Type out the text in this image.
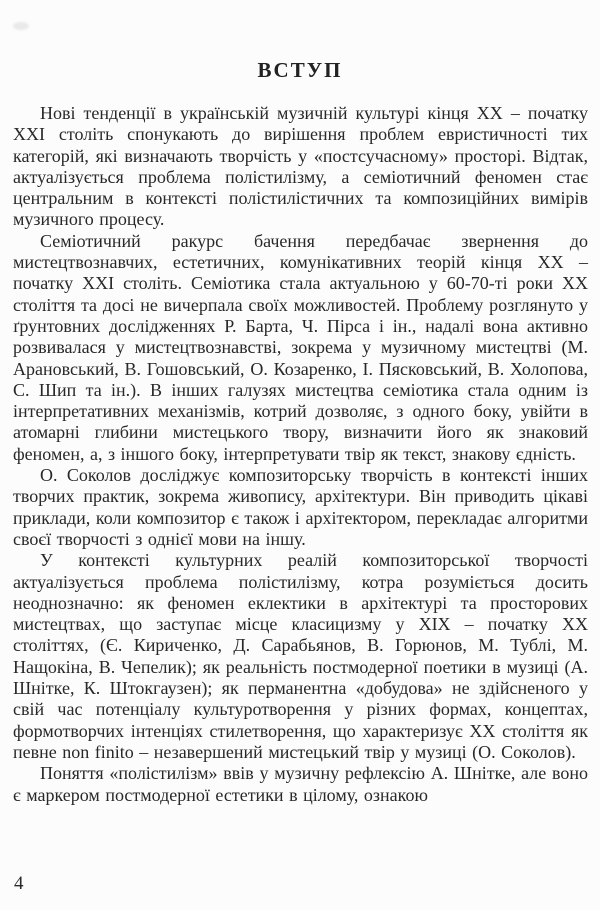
ВСТУП

Нові тенденції в українській музичній культурі кінця XX – початку XXI століть спонукають до вирішення проблем евристичності тих категорій, які визначають творчість у «постсучасному» просторі. Відтак, актуалізується проблема полістилізму, а семіотичний феномен стає центральним в контексті полістилістичних та композиційних вимірів музичного процесу.

Семіотичний ракурс бачення передбачає звернення до мистецтвознавчих, естетичних, комунікативних теорій кінця XX – початку XXI століть. Семіотика стала актуальною у 60-70-ті роки XX століття та досі не вичерпала своїх можливостей. Проблему розглянуто у ґрунтовних дослідженнях Р. Барта, Ч. Пірса і ін., надалі вона активно розвивалася у мистецтвознавстві, зокрема у музичному мистецтві (М. Арановський, В. Гошовський, О. Козаренко, І. Пясковський, В. Холопова, С. Шип та ін.). В інших галузях мистецтва семіотика стала одним із інтерпретативних механізмів, котрий дозволяє, з одного боку, увійти в атомарні глибини мистецького твору, визначити його як знаковий феномен, а, з іншого боку, інтерпретувати твір як текст, знакову єдність.

О. Соколов досліджує композиторську творчість в контексті інших творчих практик, зокрема живопису, архітектури. Він приводить цікаві приклади, коли композитор є також і архітектором, перекладає алгоритми своєї творчості з однієї мови на іншу.

У контексті культурних реалій композиторської творчості актуалізується проблема полістилізму, котра розуміється досить неоднозначно: як феномен еклектики в архітектурі та просторових мистецтвах, що заступає місце класицизму у XIX – початку XX століттях, (Є. Кириченко, Д. Сарабьянов, В. Горюнов, М. Тублі, М. Нащокіна, В. Чепелик); як реальність постмодерної поетики в музиці (А. Шнітке, К. Штокгаузен); як перманентна «добудова» не здійсненого у свій час потенціалу культуротворення у різних формах, концептах, формотворчих інтенціях стилетворення, що характеризує XX століття як певне non finito – незавершений мистецький твір у музиці (О. Соколов).

Поняття «полістилізм» ввів у музичну рефлексію А. Шнітке, але воно є маркером постмодерної естетики в цілому, ознакою

4
